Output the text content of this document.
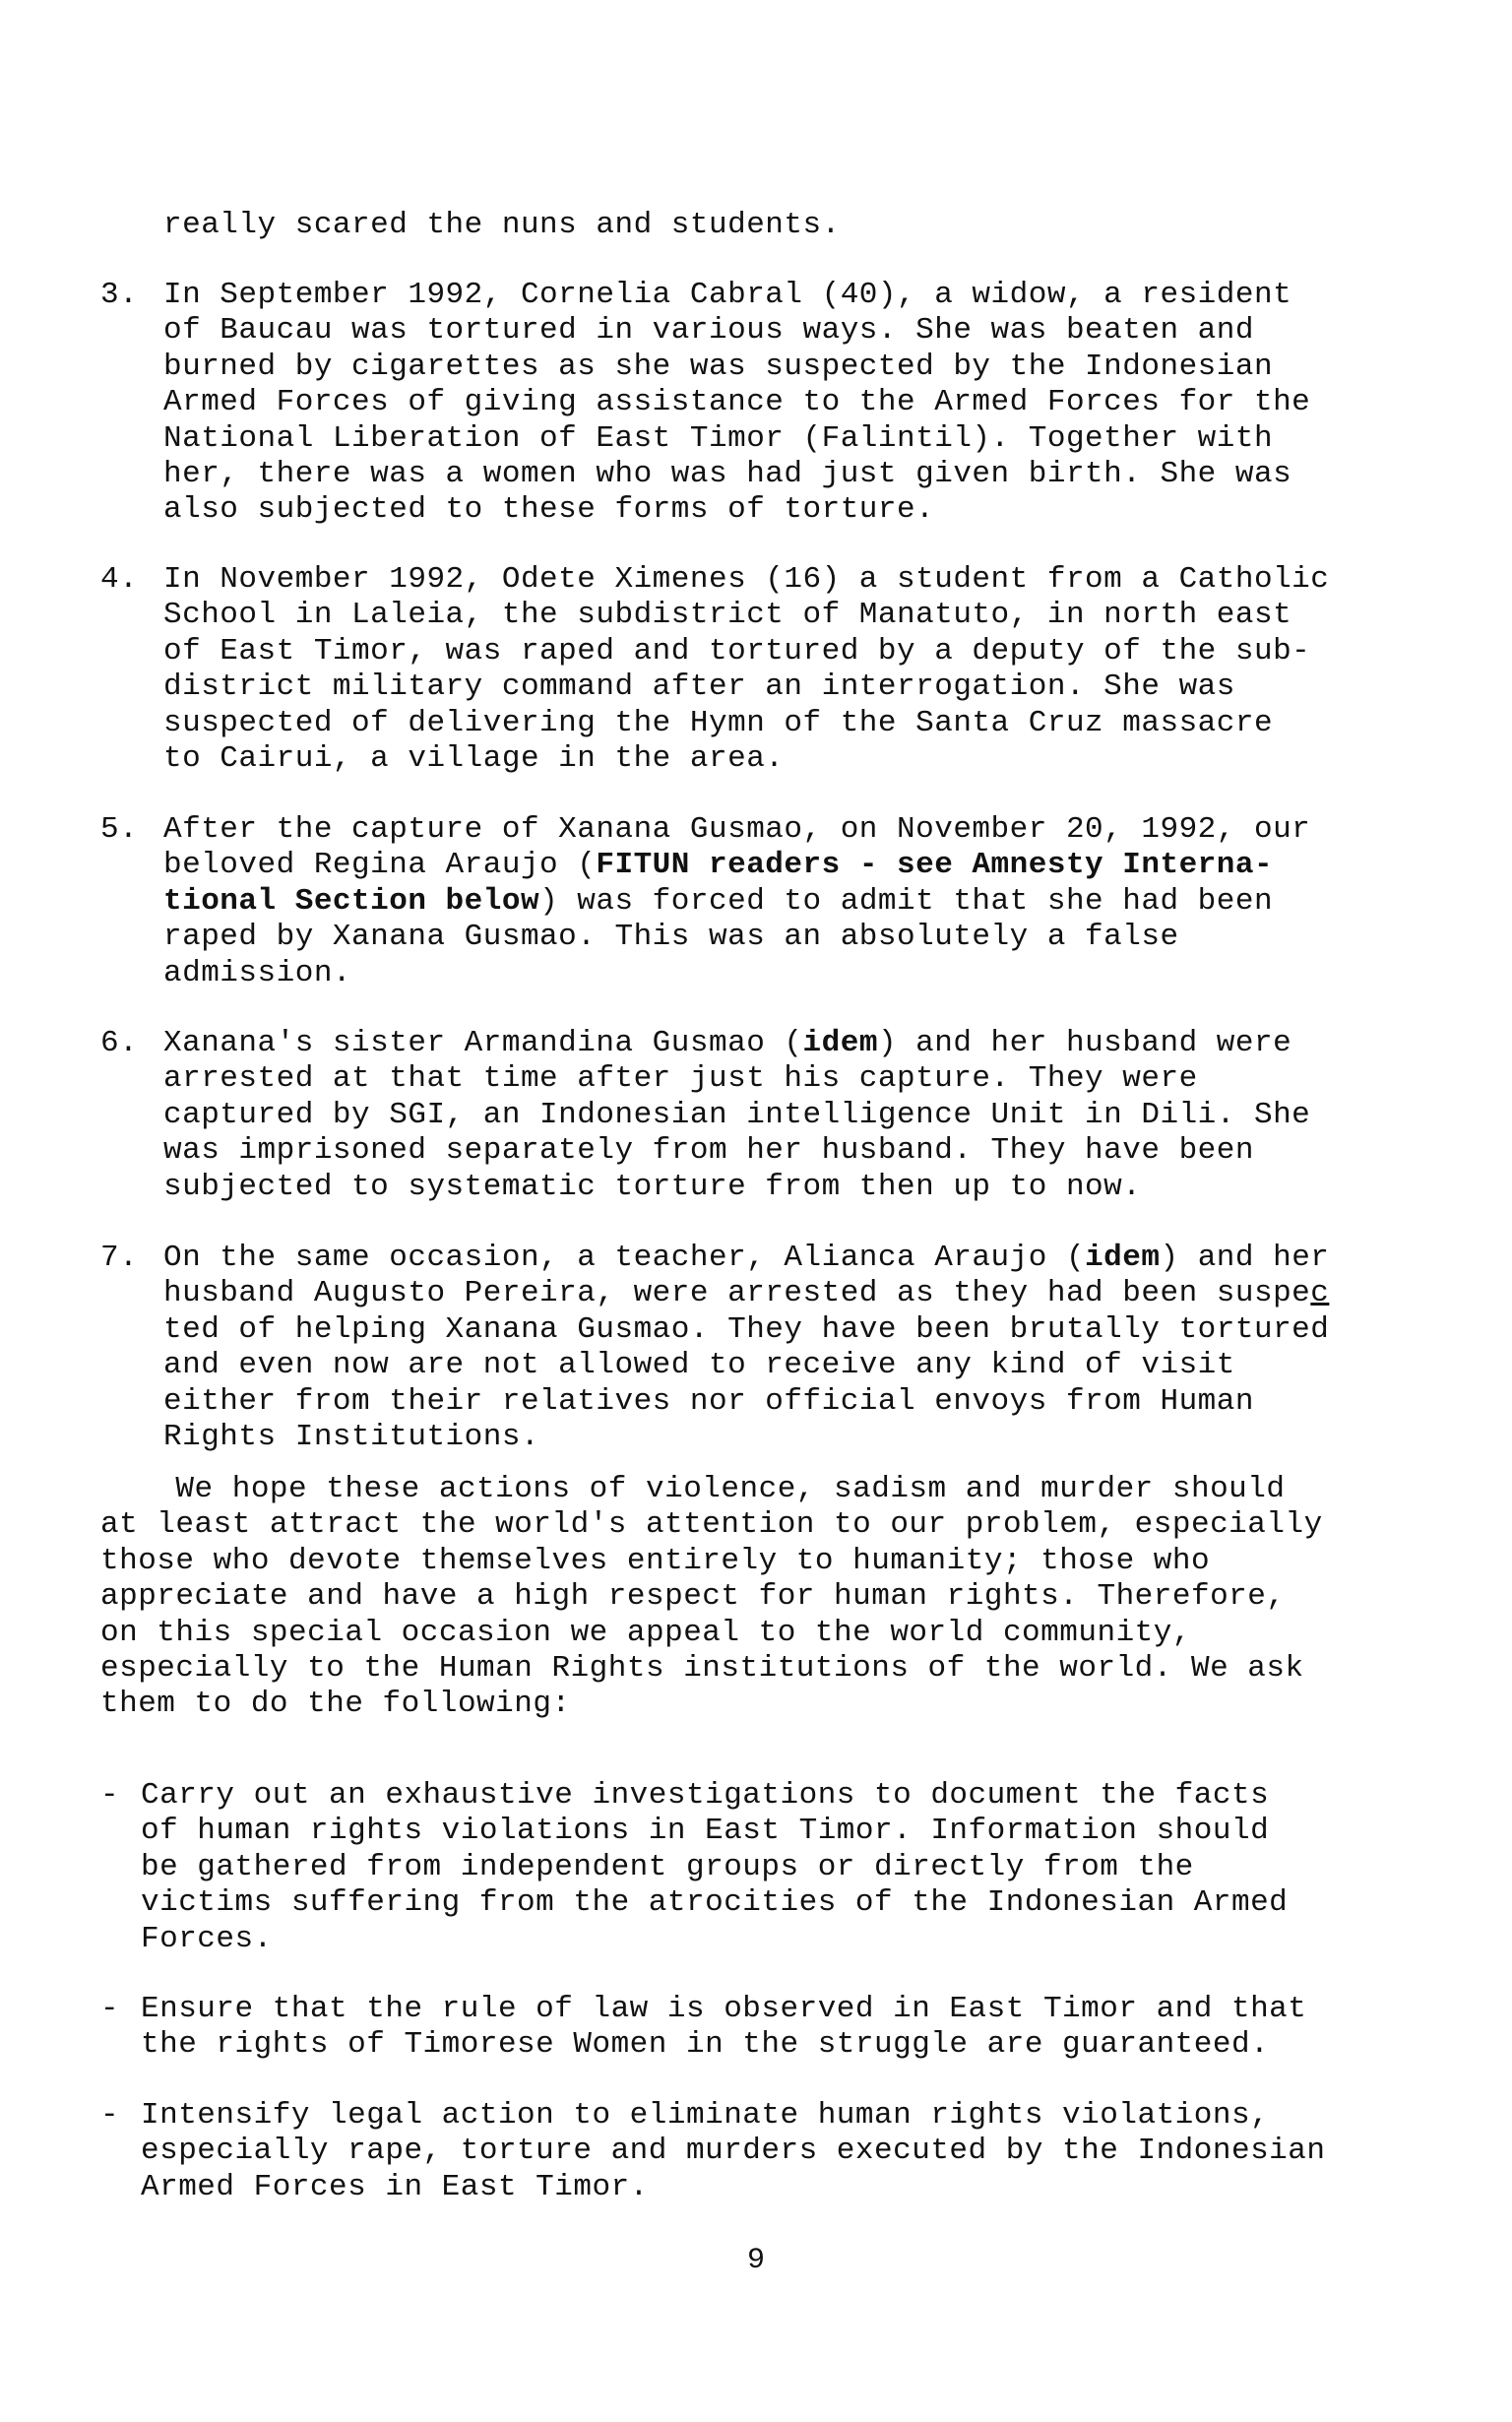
really scared the nuns and students.
3. In September 1992, Cornelia Cabral (40), a widow, a resident
of Baucau was tortured in various ways. She was beaten and
burned by cigarettes as she was suspected by the Indonesian
Armed Forces of giving assistance to the Armed Forces for the
National Liberation of East Timor (Falintil). Together with
her, there was a women who was had just given birth. She was
also subjected to these forms of torture.
4. In November 1992, Odete Ximenes (16) a student from a Catholic
School in Laleia, the subdistrict of Manatuto, in north east
of East Timor, was raped and tortured by a deputy of the sub-
district military command after an interrogation. She was
suspected of delivering the Hymn of the Santa Cruz massacre
to Cairui, a village in the area.
5. After the capture of Xanana Gusmao, on November 20, 1992, our
beloved Regina Araujo (FITUN readers - see Amnesty Interna-
tional Section below) was forced to admit that she had been
raped by Xanana Gusmao. This was an absolutely a false
admission.
6. Xanana's sister Armandina Gusmao (idem) and her husband were
arrested at that time after just his capture. They were
captured by SGI, an Indonesian intelligence Unit in Dili. She
was imprisoned separately from her husband. They have been
subjected to systematic torture from then up to now.
7. On the same occasion, a teacher, Alianca Araujo (idem) and her
husband Augusto Pereira, were arrested as they had been suspec
ted of helping Xanana Gusmao. They have been brutally tortured
and even now are not allowed to receive any kind of visit
either from their relatives nor official envoys from Human
Rights Institutions.
We hope these actions of violence, sadism and murder should
at least attract the world's attention to our problem, especially
those who devote themselves entirely to humanity; those who
appreciate and have a high respect for human rights. Therefore,
on this special occasion we appeal to the world community,
especially to the Human Rights institutions of the world. We ask
them to do the following:
- Carry out an exhaustive investigations to document the facts
of human rights violations in East Timor. Information should
be gathered from independent groups or directly from the
victims suffering from the atrocities of the Indonesian Armed
Forces.
- Ensure that the rule of law is observed in East Timor and that
the rights of Timorese Women in the struggle are guaranteed.
- Intensify legal action to eliminate human rights violations,
especially rape, torture and murders executed by the Indonesian
Armed Forces in East Timor.
9
